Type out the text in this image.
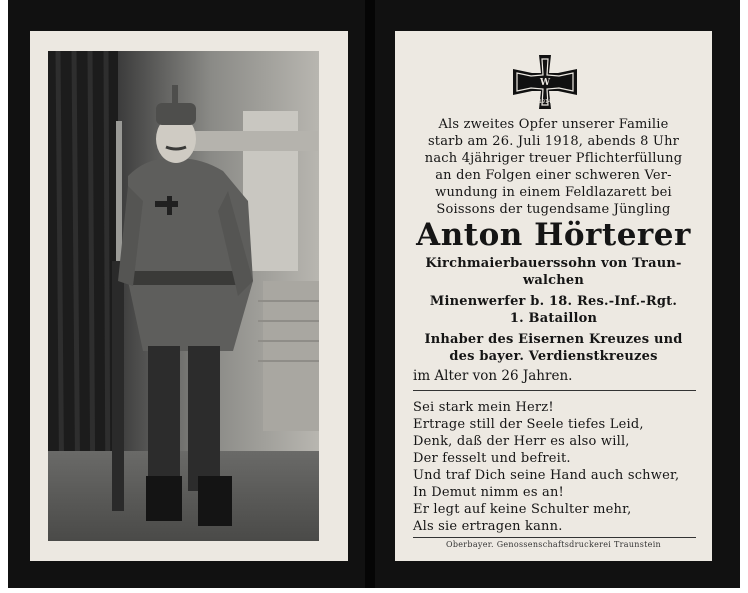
W
1914
Als zweites Opfer unserer Familie
starb am 26. Juli 1918, abends 8 Uhr
nach 4jähriger treuer Pflichterfüllung
an den Folgen einer schweren Ver-
wundung in einem Feldlazarett bei
Soissons der tugendsame Jüngling
Anton Hörterer
Kirchmaierbauerssohn von Traun-
walchen
Minenwerfer b. 18. Res.-Inf.-Rgt.
1. Bataillon
Inhaber des Eisernen Kreuzes und
des bayer. Verdienstkreuzes
im Alter von 26 Jahren.
Sei stark mein Herz!
Ertrage still der Seele tiefes Leid,
Denk, daß der Herr es also will,
Der fesselt und befreit.
Und traf Dich seine Hand auch schwer,
In Demut nimm es an!
Er legt auf keine Schulter mehr,
Als sie ertragen kann.
Oberbayer. Genossenschaftsdruckerei Traunstein
